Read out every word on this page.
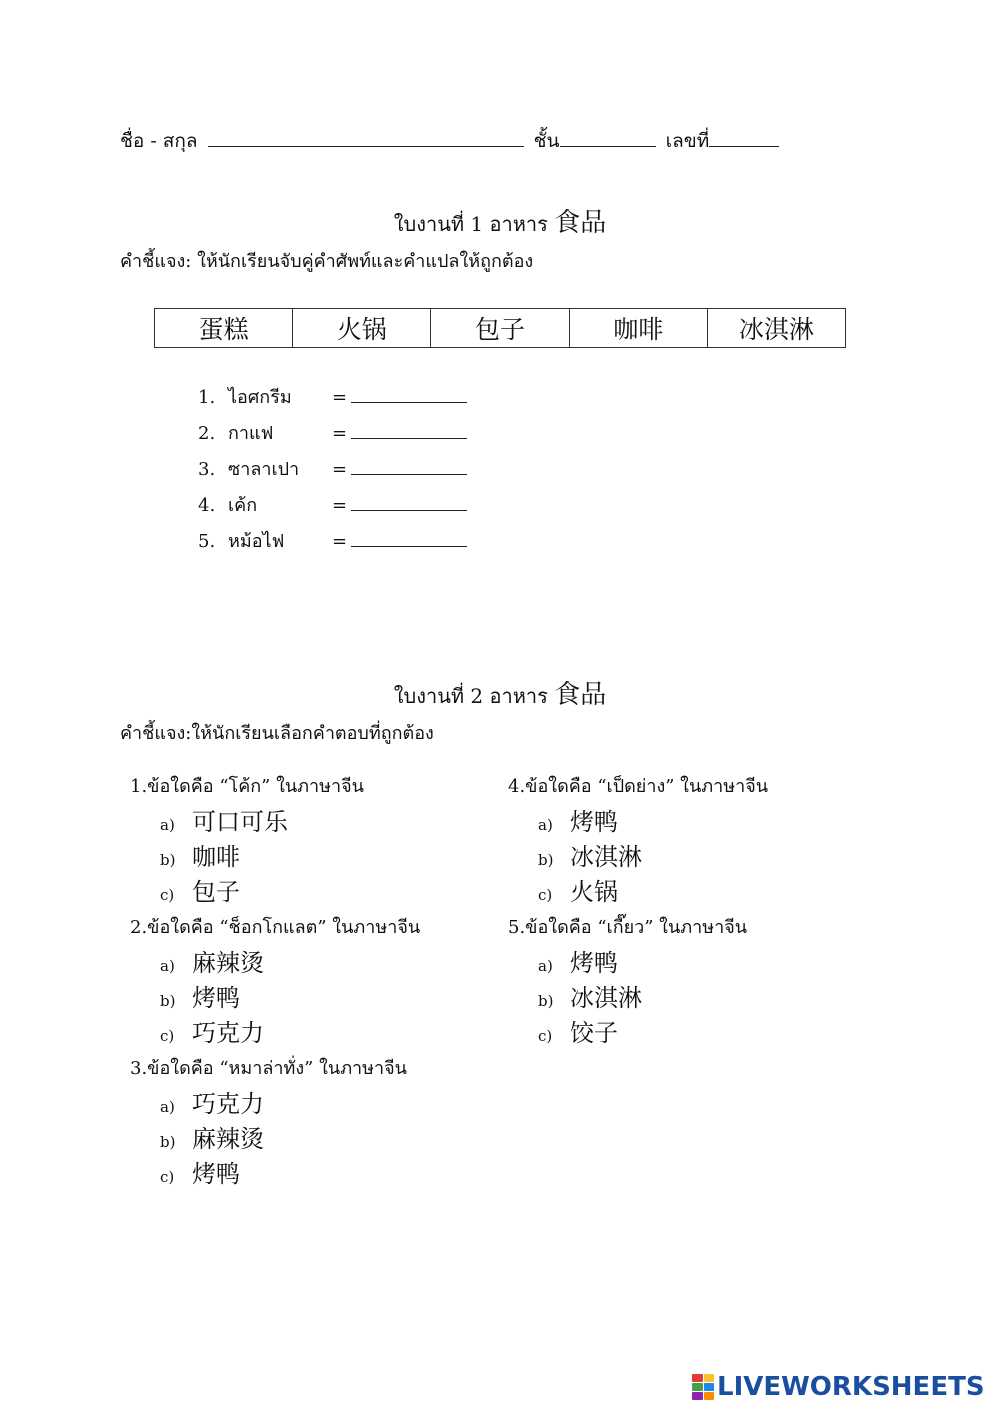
ชื่อ - สกุล	ชั้น	เลขที่
ใบงานที่ 1 อาหาร 食品
คำชี้แจง: ให้นักเรียนจับคู่คำศัพท์และคำแปลให้ถูกต้อง
蛋糕	火锅	包子	咖啡	冰淇淋
1. ไอศกรีม =
2. กาแฟ	=
3. ซาลาเปา =
4. เค้ก	=
5. หม้อไฟ	=
ใบงานที่ 2 อาหาร 食品
คำชี้แจง:ให้นักเรียนเลือกคำตอบที่ถูกต้อง
1.ข้อใดคือ “โค้ก” ในภาษาจีน
a) 可口可乐
b) 咖啡
c) 包子
2.ข้อใดคือ “ช็อกโกแลต” ในภาษาจีน
a) 麻辣烫
b) 烤鸭
c) 巧克力
3.ข้อใดคือ “หมาล่าทั่ง” ในภาษาจีน
a) 巧克力
b) 麻辣烫
c) 烤鸭
4.ข้อใดคือ “เป็ดย่าง” ในภาษาจีน
a) 烤鸭
b) 冰淇淋
c) 火锅
5.ข้อใดคือ “เกี๊ยว” ในภาษาจีน
a) 烤鸭
b) 冰淇淋
c) 饺子
LIVEWORKSHEETS
